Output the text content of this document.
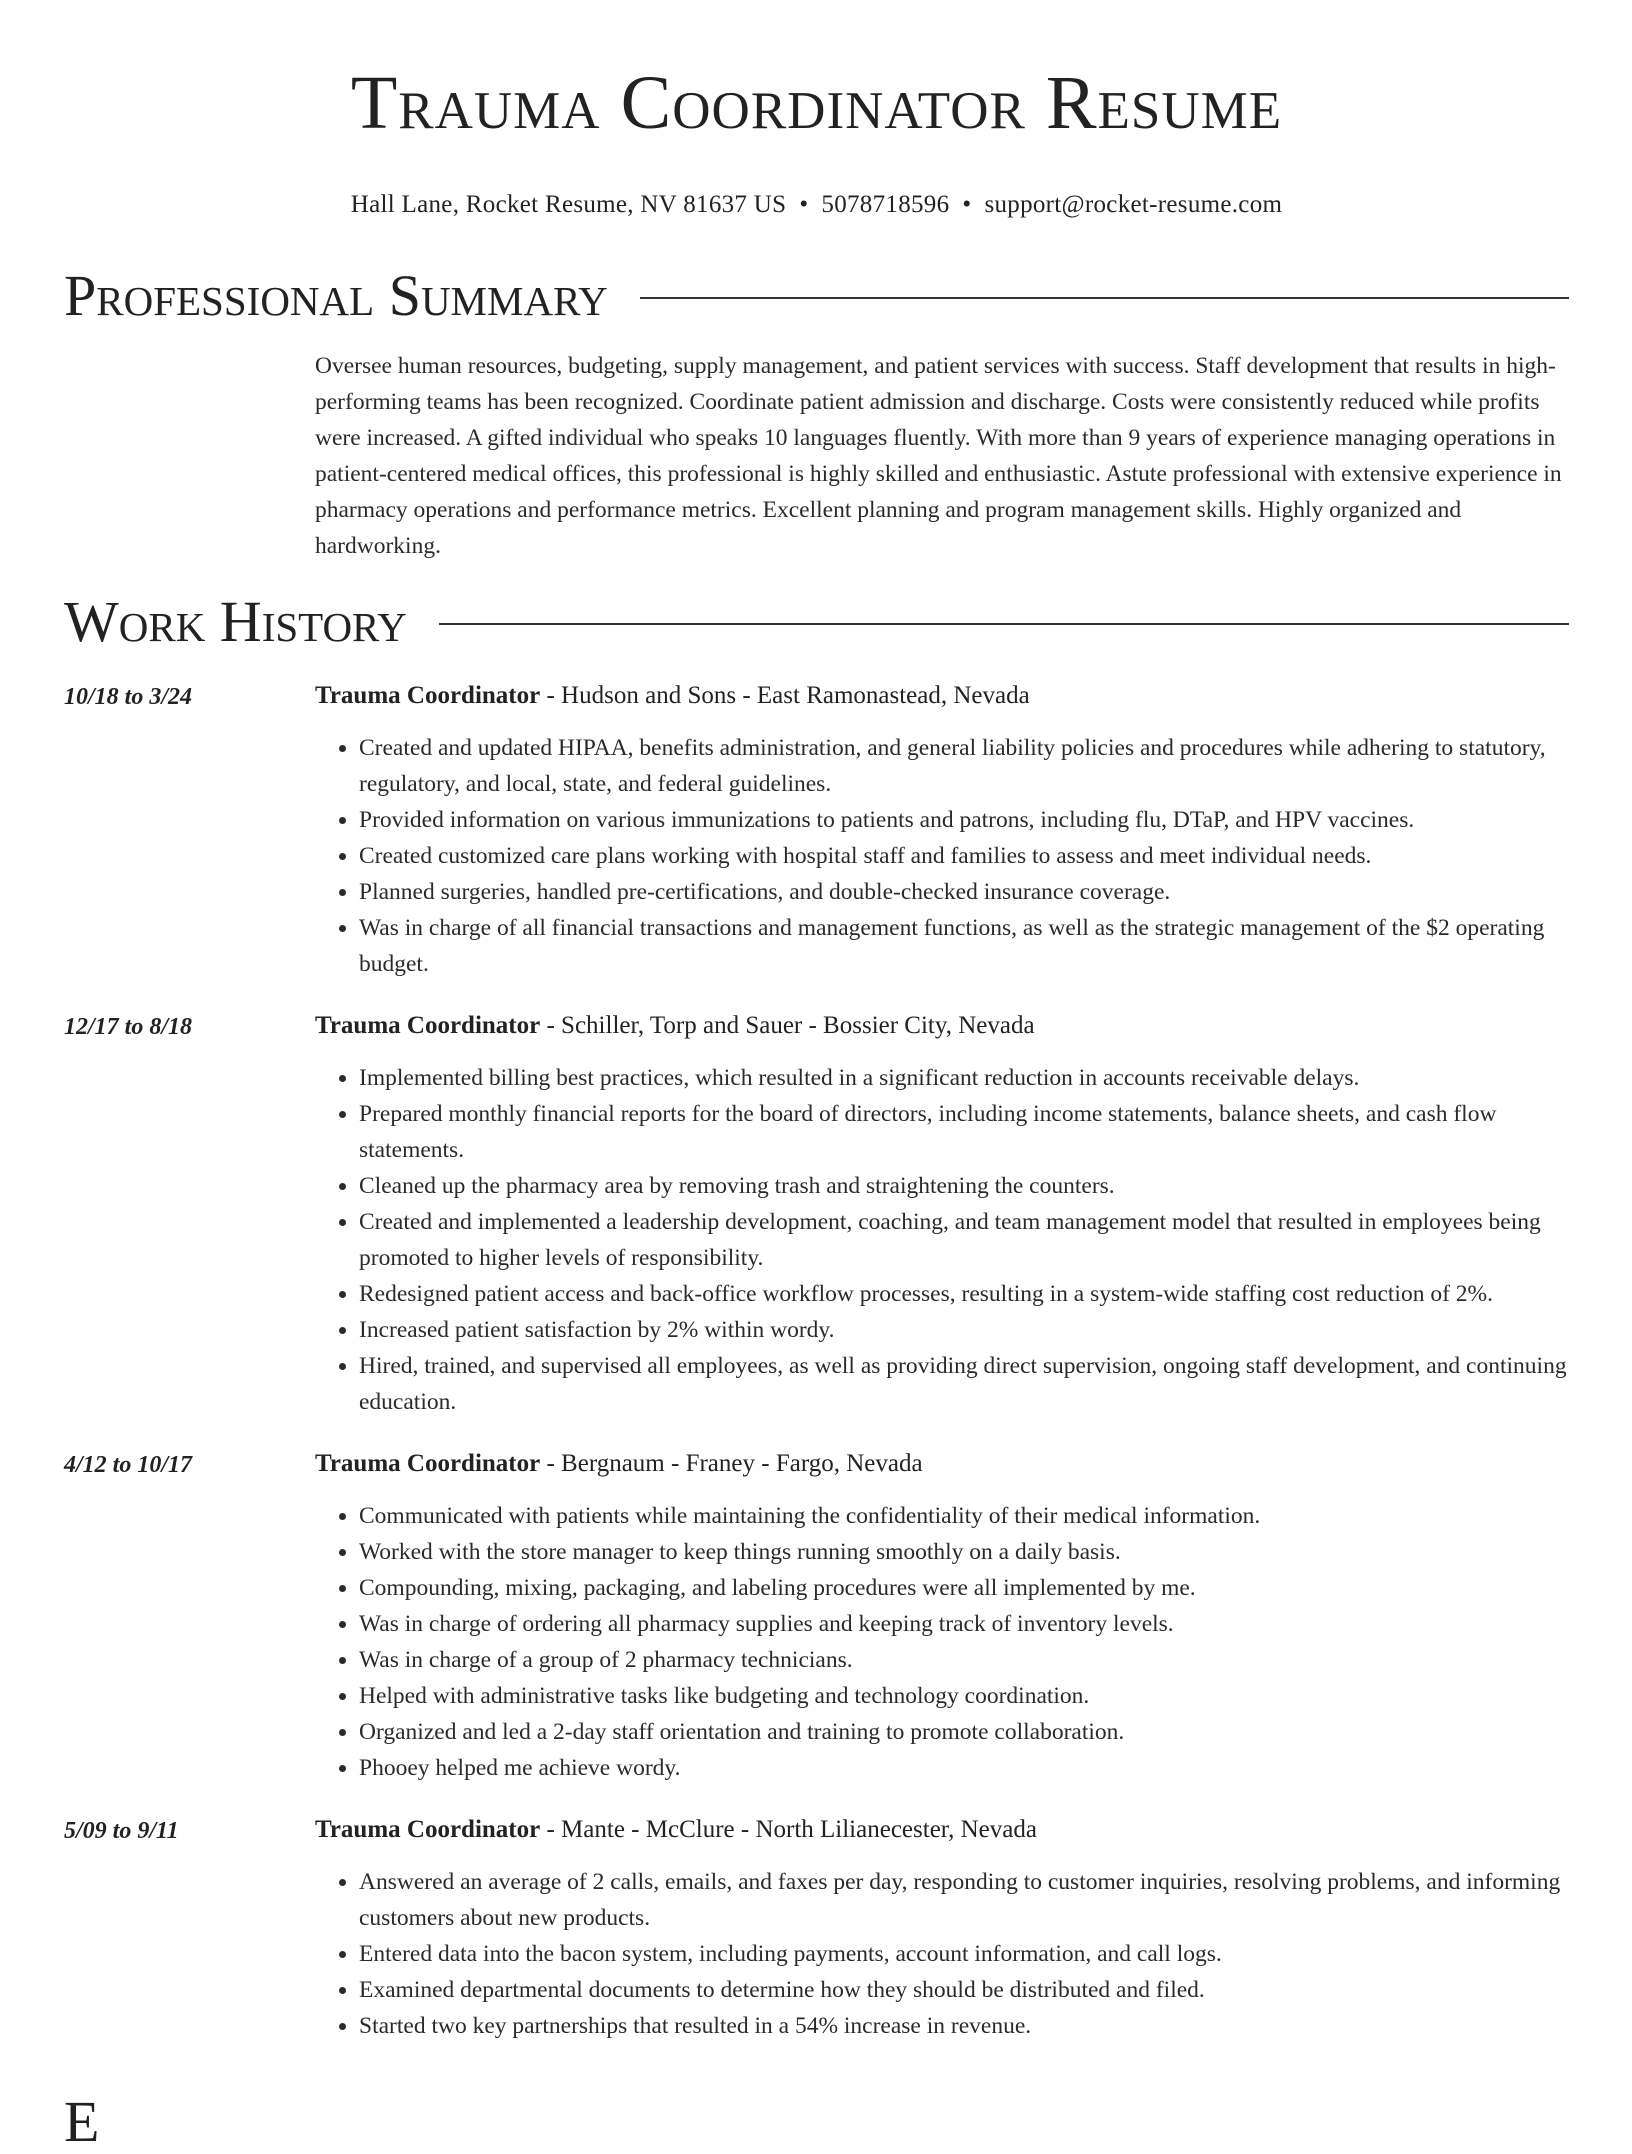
Trauma Coordinator Resume
Hall Lane, Rocket Resume, NV 81637 US • 5078718596 • support@rocket-resume.com
Professional Summary

Oversee human resources, budgeting, supply management, and patient services with success. Staff development that results in high-performing teams has been recognized. Coordinate patient admission and discharge. Costs were consistently reduced while profits were increased. A gifted individual who speaks 10 languages fluently. With more than 9 years of experience managing operations in patient-centered medical offices, this professional is highly skilled and enthusiastic. Astute professional with extensive experience in pharmacy operations and performance metrics. Excellent planning and program management skills. Highly organized and hardworking.

Work History
10/18 to 3/24	Trauma Coordinator - Hudson and Sons - East Ramonastead, Nevada
• Created and updated HIPAA, benefits administration, and general liability policies and procedures while adhering to statutory, regulatory, and local, state, and federal guidelines.
• Provided information on various immunizations to patients and patrons, including flu, DTaP, and HPV vaccines.
• Created customized care plans working with hospital staff and families to assess and meet individual needs.
• Planned surgeries, handled pre-certifications, and double-checked insurance coverage.
• Was in charge of all financial transactions and management functions, as well as the strategic management of the $2 operating budget.
12/17 to 8/18	Trauma Coordinator - Schiller, Torp and Sauer - Bossier City, Nevada
• Implemented billing best practices, which resulted in a significant reduction in accounts receivable delays.
• Prepared monthly financial reports for the board of directors, including income statements, balance sheets, and cash flow statements.
• Cleaned up the pharmacy area by removing trash and straightening the counters.
• Created and implemented a leadership development, coaching, and team management model that resulted in employees being promoted to higher levels of responsibility.
• Redesigned patient access and back-office workflow processes, resulting in a system-wide staffing cost reduction of 2%.
• Increased patient satisfaction by 2% within wordy.
• Hired, trained, and supervised all employees, as well as providing direct supervision, ongoing staff development, and continuing education.
4/12 to 10/17	Trauma Coordinator - Bergnaum - Franey - Fargo, Nevada
• Communicated with patients while maintaining the confidentiality of their medical information.
• Worked with the store manager to keep things running smoothly on a daily basis.
• Compounding, mixing, packaging, and labeling procedures were all implemented by me.
• Was in charge of ordering all pharmacy supplies and keeping track of inventory levels.
• Was in charge of a group of 2 pharmacy technicians.
• Helped with administrative tasks like budgeting and technology coordination.
• Organized and led a 2-day staff orientation and training to promote collaboration.
• Phooey helped me achieve wordy.
5/09 to 9/11	Trauma Coordinator - Mante - McClure - North Lilianecester, Nevada
• Answered an average of 2 calls, emails, and faxes per day, responding to customer inquiries, resolving problems, and informing customers about new products.
• Entered data into the bacon system, including payments, account information, and call logs.
• Examined departmental documents to determine how they should be distributed and filed.
• Started two key partnerships that resulted in a 54% increase in revenue.
E
